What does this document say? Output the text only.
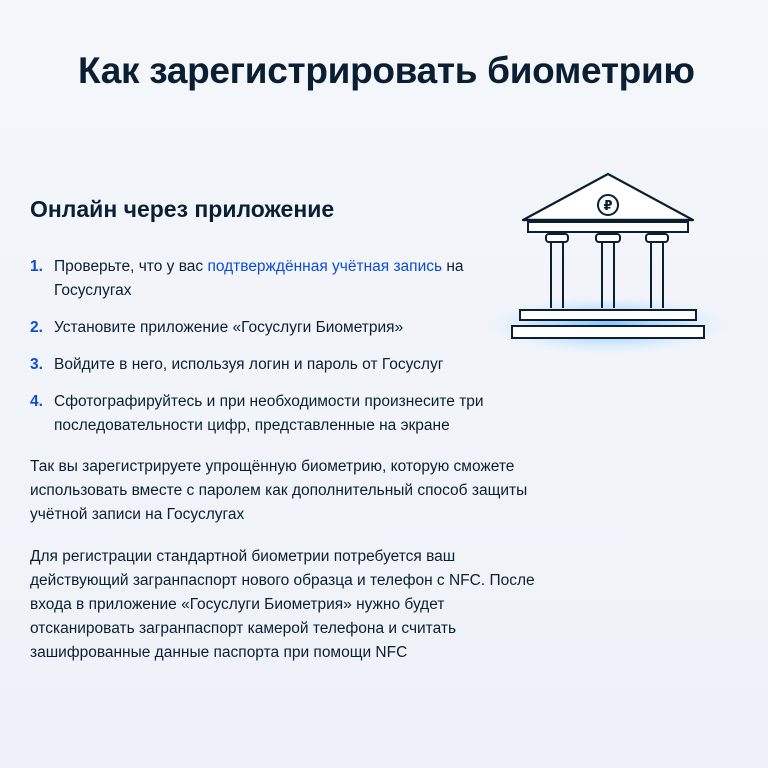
Как зарегистрировать биометрию
Онлайн через приложение
1. Проверьте, что у вас подтверждённая учётная запись на Госуслугах
2. Установите приложение «Госуслуги Биометрия»
3. Войдите в него, используя логин и пароль от Госуслуг
4. Сфотографируйтесь и при необходимости произнесите три последовательности цифр, представленные на экране

Так вы зарегистрируете упрощённую биометрию, которую сможете использовать вместе с паролем как дополнительный способ защиты учётной записи на Госуслугах

Для регистрации стандартной биометрии потребуется ваш действующий загранпаспорт нового образца и телефон с NFC. После входа в приложение «Госуслуги Биометрия» нужно будет отсканировать загранпаспорт камерой телефона и считать зашифрованные данные паспорта при помощи NFC

₽
